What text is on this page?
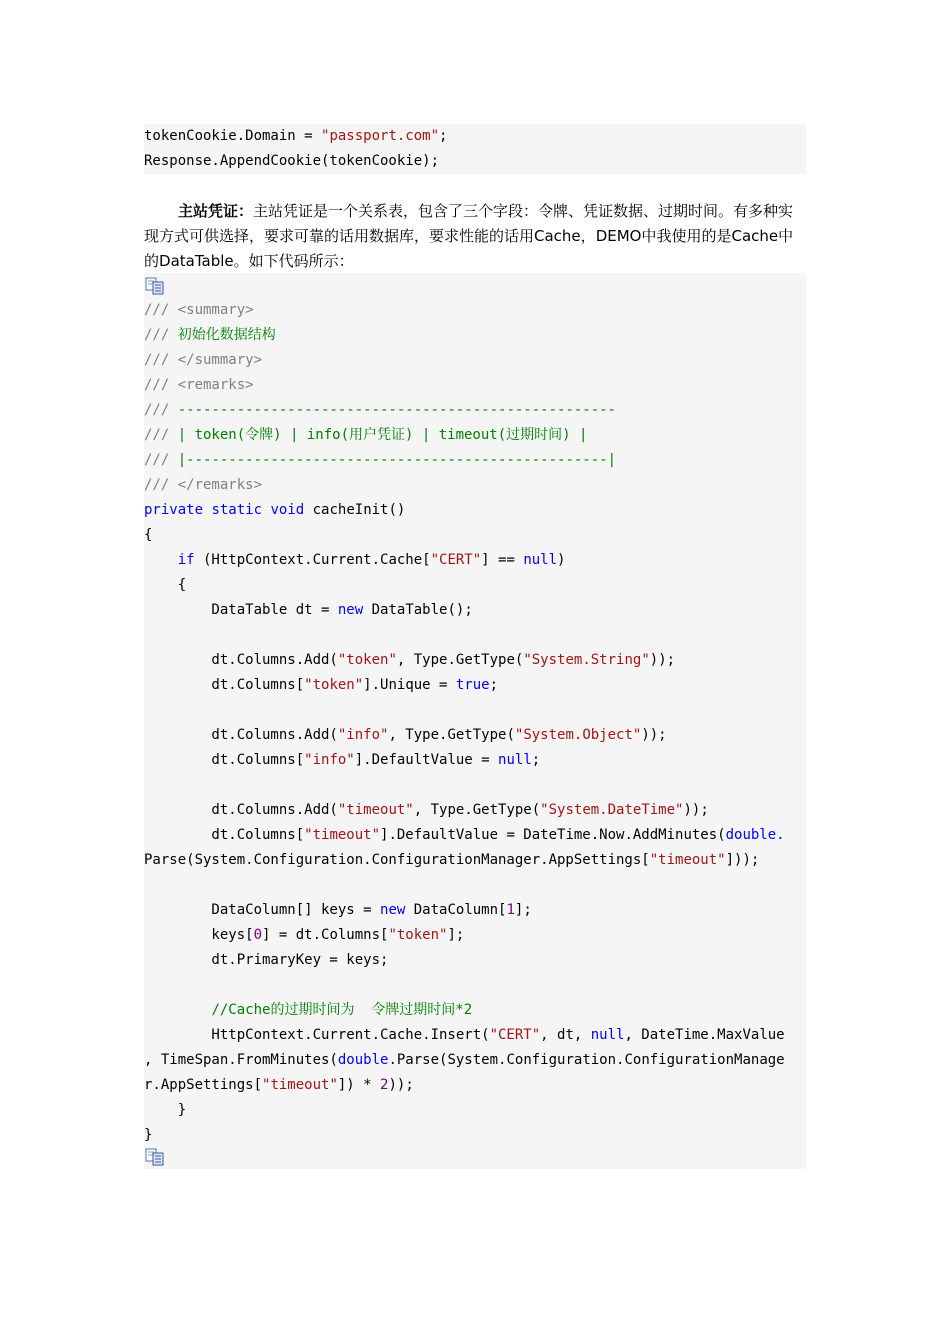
tokenCookie.Domain = "passport.com";
Response.AppendCookie(tokenCookie);

主站凭证：主站凭证是一个关系表，包含了三个字段：令牌、凭证数据、过期时间。有多种实现方式可供选择，要求可靠的话用数据库，要求性能的话用Cache，DEMO中我使用的是Cache中的DataTable。如下代码所示：

/// <summary>
/// 初始化数据结构
/// </summary>
/// <remarks>
/// ----------------------------------------------------
/// | token(令牌) | info(用户凭证) | timeout(过期时间) |
/// |--------------------------------------------------|
/// </remarks>
private static void cacheInit()
{
if (HttpContext.Current.Cache["CERT"] == null)
{
DataTable dt = new DataTable();
dt.Columns.Add("token", Type.GetType("System.String"));
dt.Columns["token"].Unique = true;
dt.Columns.Add("info", Type.GetType("System.Object"));
dt.Columns["info"].DefaultValue = null;
dt.Columns.Add("timeout", Type.GetType("System.DateTime"));
dt.Columns["timeout"].DefaultValue = DateTime.Now.AddMinutes(double.
Parse(System.Configuration.ConfigurationManager.AppSettings["timeout"]));
DataColumn[] keys = new DataColumn[1];
keys[0] = dt.Columns["token"];
dt.PrimaryKey = keys;
//Cache的过期时间为  令牌过期时间*2
HttpContext.Current.Cache.Insert("CERT", dt, null, DateTime.MaxValue
, TimeSpan.FromMinutes(double.Parse(System.Configuration.ConfigurationManage
r.AppSettings["timeout"]) * 2));
}
}
